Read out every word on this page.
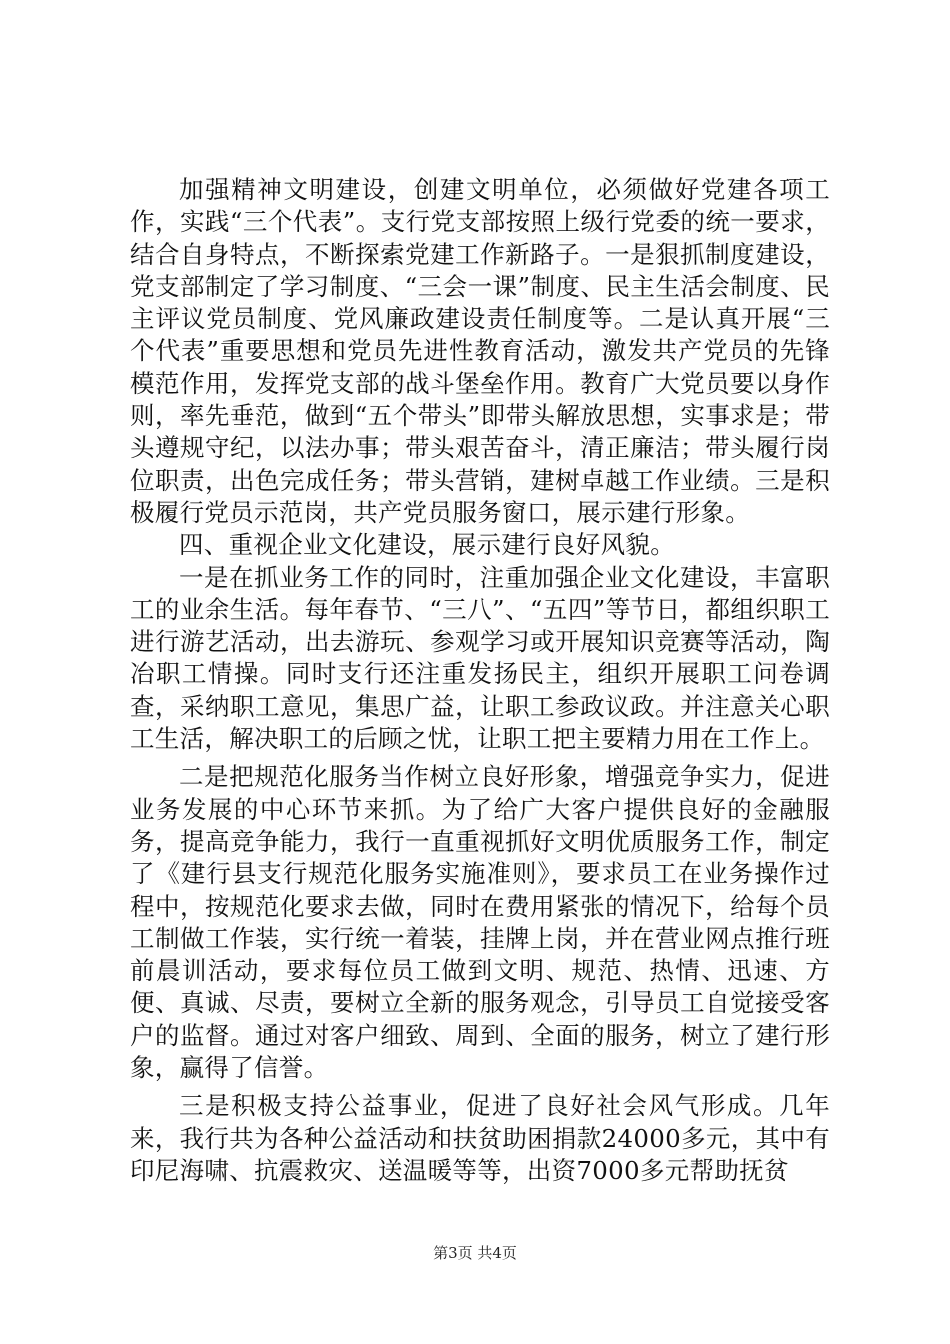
加强精神文明建设，创建文明单位，必须做好党建各项工作，实践“三个代表”。支行党支部按照上级行党委的统一要求，结合自身特点，不断探索党建工作新路子。一是狠抓制度建设，党支部制定了学习制度、“三会一课”制度、民主生活会制度、民主评议党员制度、党风廉政建设责任制度等。二是认真开展“三个代表”重要思想和党员先进性教育活动，激发共产党员的先锋模范作用，发挥党支部的战斗堡垒作用。教育广大党员要以身作则，率先垂范，做到“五个带头”即带头解放思想，实事求是；带头遵规守纪，以法办事；带头艰苦奋斗，清正廉洁；带头履行岗位职责，出色完成任务；带头营销，建树卓越工作业绩。三是积极履行党员示范岗，共产党员服务窗口，展示建行形象。

四、重视企业文化建设，展示建行良好风貌。

一是在抓业务工作的同时，注重加强企业文化建设，丰富职工的业余生活。每年春节、“三八”、“五四”等节日，都组织职工进行游艺活动，出去游玩、参观学习或开展知识竞赛等活动，陶冶职工情操。同时支行还注重发扬民主，组织开展职工问卷调查，采纳职工意见，集思广益，让职工参政议政。并注意关心职工生活，解决职工的后顾之忧，让职工把主要精力用在工作上。

二是把规范化服务当作树立良好形象，增强竞争实力，促进业务发展的中心环节来抓。为了给广大客户提供良好的金融服务，提高竞争能力，我行一直重视抓好文明优质服务工作，制定了《建行县支行规范化服务实施准则》，要求员工在业务操作过程中，按规范化要求去做，同时在费用紧张的情况下，给每个员工制做工作装，实行统一着装，挂牌上岗，并在营业网点推行班前晨训活动，要求每位员工做到文明、规范、热情、迅速、方便、真诚、尽责，要树立全新的服务观念，引导员工自觉接受客户的监督。通过对客户细致、周到、全面的服务，树立了建行形象，赢得了信誉。

三是积极支持公益事业，促进了良好社会风气形成。几年来，我行共为各种公益活动和扶贫助困捐款24000多元，其中有印尼海啸、抗震救灾、送温暖等等，出资7000多元帮助抚贫

第3页 共4页
